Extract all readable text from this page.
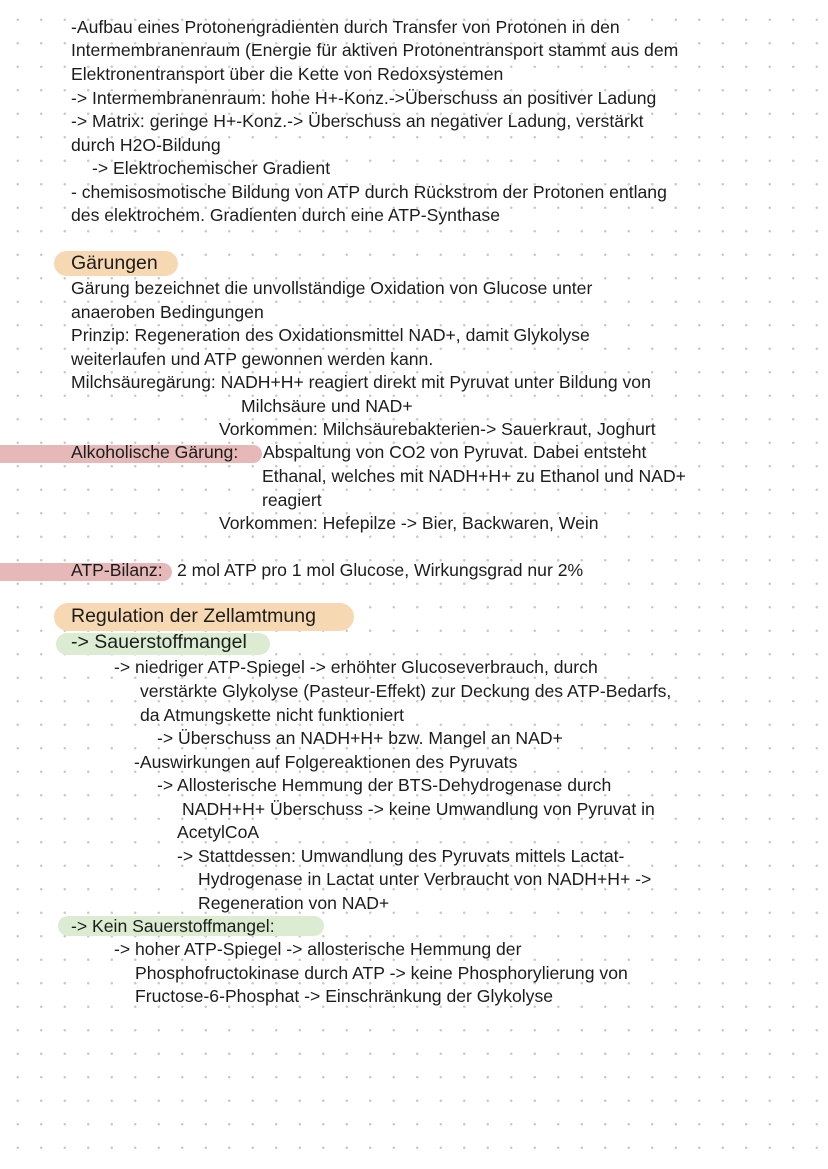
-Aufbau eines Protonengradienten durch Transfer von Protonen in den
Intermembranenraum (Energie für aktiven Protonentransport stammt aus dem
Elektronentransport über die Kette von Redoxsystemen
-> Intermembranenraum: hohe H+-Konz.->Überschuss an positiver Ladung
-> Matrix: geringe H+-Konz.-> Überschuss an negativer Ladung, verstärkt
durch H2O-Bildung
-> Elektrochemischer Gradient
- chemisosmotische Bildung von ATP durch Rückstrom der Protonen entlang
des elektrochem. Gradienten durch eine ATP-Synthase
Gärungen
Gärung bezeichnet die unvollständige Oxidation von Glucose unter
anaeroben Bedingungen
Prinzip: Regeneration des Oxidationsmittel NAD+, damit Glykolyse
weiterlaufen und ATP gewonnen werden kann.
Milchsäuregärung: NADH+H+ reagiert direkt mit Pyruvat unter Bildung von
Milchsäure und NAD+
Vorkommen: Milchsäurebakterien-> Sauerkraut, Joghurt
Alkoholische Gärung: Abspaltung von CO2 von Pyruvat. Dabei entsteht
Ethanal, welches mit NADH+H+ zu Ethanol und NAD+
reagiert
Vorkommen: Hefepilze -> Bier, Backwaren, Wein
ATP-Bilanz: 2 mol ATP pro 1 mol Glucose, Wirkungsgrad nur 2%
Regulation der Zellamtmung
-> Sauerstoffmangel
-> niedriger ATP-Spiegel -> erhöhter Glucoseverbrauch, durch
verstärkte Glykolyse (Pasteur-Effekt) zur Deckung des ATP-Bedarfs,
da Atmungskette nicht funktioniert
-> Überschuss an NADH+H+ bzw. Mangel an NAD+
-Auswirkungen auf Folgereaktionen des Pyruvats
-> Allosterische Hemmung der BTS-Dehydrogenase durch
NADH+H+ Überschuss -> keine Umwandlung von Pyruvat in
AcetylCoA
-> Stattdessen: Umwandlung des Pyruvats mittels Lactat-
Hydrogenase in Lactat unter Verbraucht von NADH+H+ ->
Regeneration von NAD+
-> Kein Sauerstoffmangel:
-> hoher ATP-Spiegel -> allosterische Hemmung der
Phosphofructokinase durch ATP -> keine Phosphorylierung von
Fructose-6-Phosphat -> Einschränkung der Glykolyse
